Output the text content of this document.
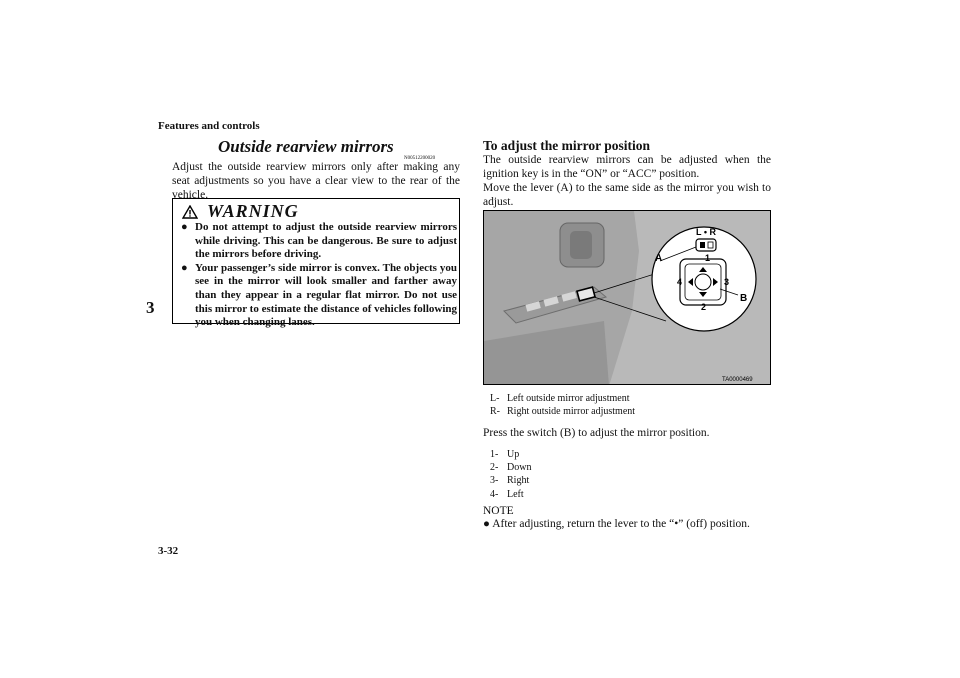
Features and controls
3
3-32
Outside rearview mirrors
N00512200020
Adjust the outside rearview mirrors only after making any seat adjustments so you have a clear view to the rear of the vehicle.
WARNING
● Do not attempt to adjust the outside rearview mirrors while driving. This can be dangerous. Be sure to adjust the mirrors before driving.
● Your passenger’s side mirror is convex. The objects you see in the mirror will look smaller and farther away than they appear in a regular flat mirror. Do not use this mirror to estimate the distance of vehicles following you when changing lanes.
To adjust the mirror position
The outside rearview mirrors can be adjusted when the ignition key is in the “ON” or “ACC” position.
Move the lever (A) to the same side as the mirror you wish to adjust.
L • R
A
B
1
2
3
4
TA0000469
L- Left outside mirror adjustment
R- Right outside mirror adjustment
Press the switch (B) to adjust the mirror position.
1- Up
2- Down
3- Right
4- Left
NOTE
● After adjusting, return the lever to the “•” (off) position.
